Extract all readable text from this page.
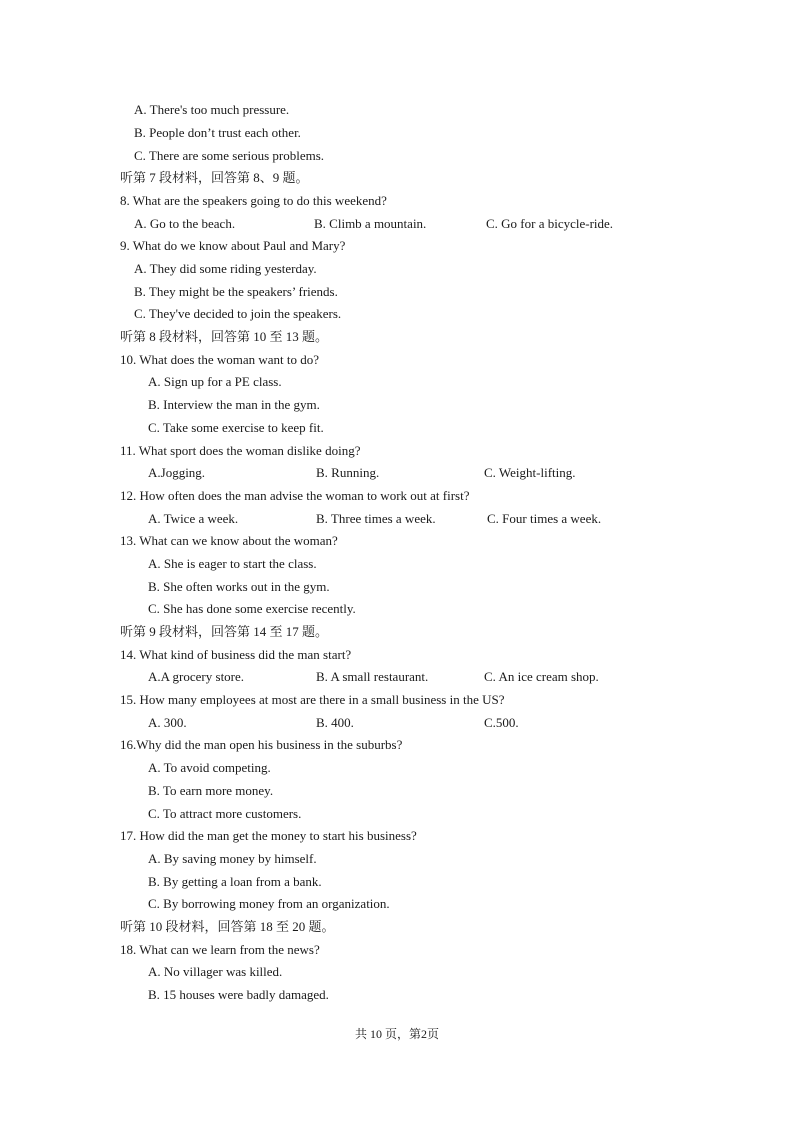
A. There's too much pressure.
B. People don’t trust each other.
C. There are some serious problems.
听第 7 段材料，回答第 8、9 题。
8. What are the speakers going to do this weekend?
A. Go to the beach.	B. Climb a mountain.	C. Go for a bicycle-ride.
9. What do we know about Paul and Mary?
A. They did some riding yesterday.
B. They might be the speakers’ friends.
C. They've decided to join the speakers.
听第 8 段材料，回答第 10 至 13 题。
10. What does the woman want to do?
A. Sign up for a PE class.
B. Interview the man in the gym.
C. Take some exercise to keep fit.
11. What sport does the woman dislike doing?
A.Jogging.	B. Running.	C. Weight-lifting.
12. How often does the man advise the woman to work out at first?
A. Twice a week.	B. Three times a week.	C. Four times a week.
13. What can we know about the woman?
A. She is eager to start the class.
B. She often works out in the gym.
C. She has done some exercise recently.
听第 9 段材料，回答第 14 至 17 题。
14. What kind of business did the man start?
A.A grocery store.	B. A small restaurant.	C. An ice cream shop.
15. How many employees at most are there in a small business in the US?
A. 300.	B. 400.	C.500.
16.Why did the man open his business in the suburbs?
A. To avoid competing.
B. To earn more money.
C. To attract more customers.
17. How did the man get the money to start his business?
A. By saving money by himself.
B. By getting a loan from a bank.
C. By borrowing money from an organization.
听第 10 段材料，回答第 18 至 20 题。
18. What can we learn from the news?
A. No villager was killed.
B. 15 houses were badly damaged.
共 10 页，第2页
